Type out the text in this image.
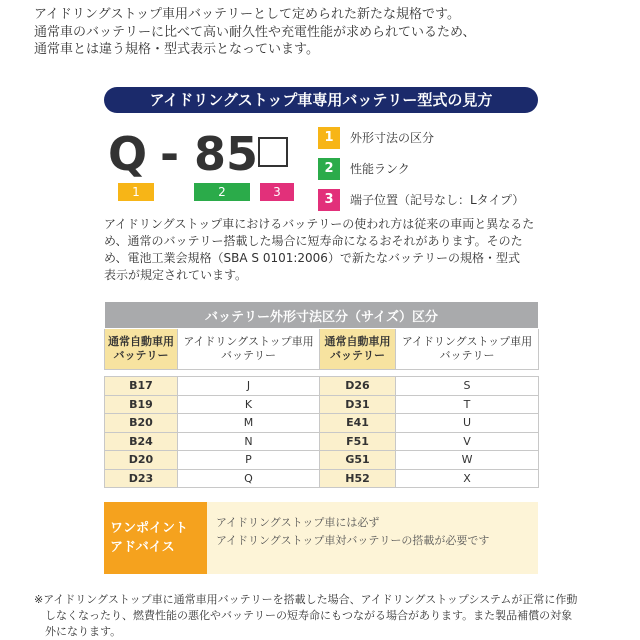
アイドリングストップ車用バッテリーとして定められた新たな規格です。
通常車のバッテリーに比べて高い耐久性や充電性能が求められているため、
通常車とは違う規格・型式表示となっています。
アイドリングストップ車専用バッテリー型式の見方
Q - 85
1	2	3
1	外形寸法の区分
2	性能ランク
3	端子位置（記号なし：Lタイプ）
アイドリングストップ車におけるバッテリーの使われ方は従来の車両と異なるた
め、通常のバッテリー搭載した場合に短寿命になるおそれがあります。そのた
め、電池工業会規格（SBA S 0101:2006）で新たなバッテリーの規格・型式
表示が規定されています。
バッテリー外形寸法区分（サイズ）区分			
通常自動車用
バッテリー	アイドリングストップ車用
バッテリー	通常自動車用
バッテリー	アイドリングストップ車用
バッテリー

B17	J	D26	S
B19	K	D31	T
B20	M	E41	U
B24	N	F51	V
D20	P	G51	W
D23	Q	H52	X
ワンポイント
アドバイス
アイドリングストップ車には必ず
アイドリングストップ車対バッテリーの搭載が必要です
※アイドリングストップ車に通常車用バッテリーを搭載した場合、アイドリングストップシステムが正常に作動
　しなくなったり、燃費性能の悪化やバッテリーの短寿命にもつながる場合があります。また製品補償の対象
　外になります。
